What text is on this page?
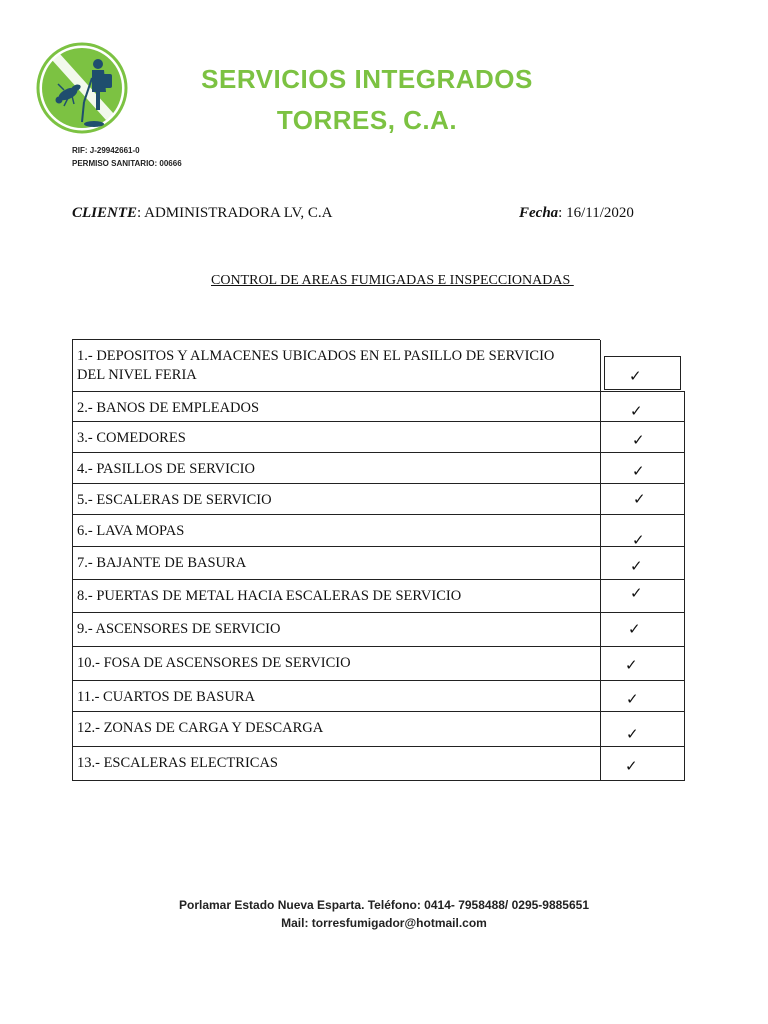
SERVICIOS INTEGRADOS
TORRES, C.A.
RIF: J-29942661-0
PERMISO SANITARIO: 00666
CLIENTE: ADMINISTRADORA LV, C.A	Fecha: 16/11/2020
CONTROL DE AREAS FUMIGADAS E INSPECCIONADAS
1.- DEPOSITOS Y ALMACENES UBICADOS EN EL PASILLO DE SERVICIO DEL NIVEL FERIA	✓
2.- BANOS DE EMPLEADOS	✓
3.- COMEDORES	✓
4.- PASILLOS DE SERVICIO	✓
5.- ESCALERAS DE SERVICIO	✓
6.- LAVA MOPAS	✓
7.- BAJANTE DE BASURA	✓
8.- PUERTAS DE METAL HACIA ESCALERAS DE SERVICIO	✓
9.- ASCENSORES DE SERVICIO	✓
10.- FOSA DE ASCENSORES DE SERVICIO	✓
11.- CUARTOS DE BASURA	✓
12.- ZONAS DE CARGA Y DESCARGA	✓
13.- ESCALERAS ELECTRICAS	✓
Porlamar Estado Nueva Esparta. Teléfono: 0414- 7958488/ 0295-9885651
Mail: torresfumigador@hotmail.com
